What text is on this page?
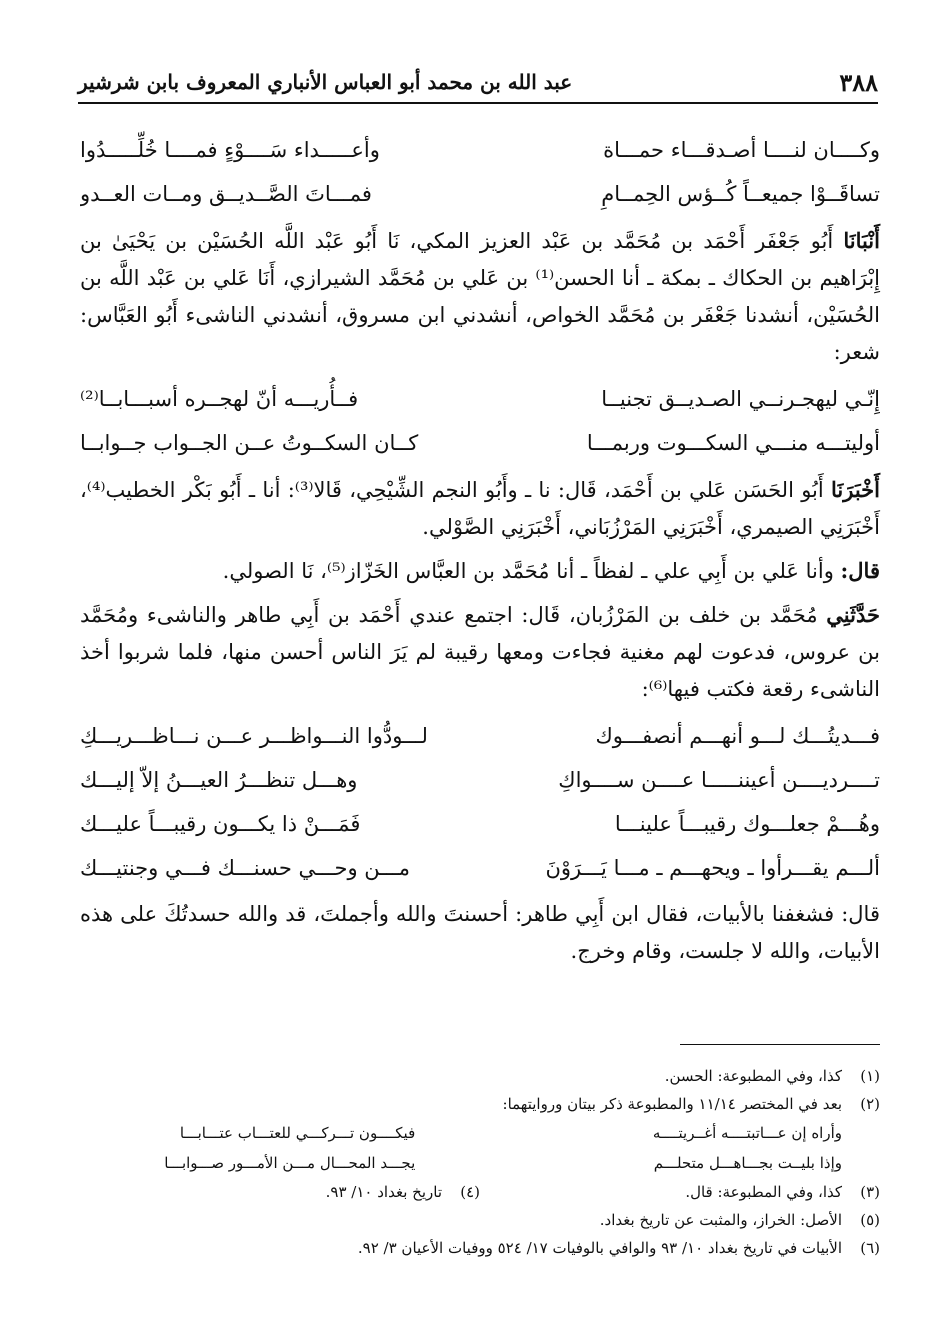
٣٨٨
عبد الله بن محمد أبو العباس الأنباري المعروف بابن شرشير
وكــــان لنــــا أصـدقـــاء حمـــاة
وأعـــــداء سَــــوْءٍ فمــــا خُلِّـــــدُوا
تساقَــوْا جميعــاً كُــؤس الحِمــامِ
فمـــاتَ الصَّــديــق ومــات العــدو

أَنْبَانَا أَبُو جَعْفَر أَحْمَد بن مُحَمَّد بن عَبْد العزيز المكي، نَا أَبُو عَبْد اللَّه الحُسَيْن بن يَحْيَىٰ بن إِبْرَاهيم بن الحكاك ـ بمكة ـ أنا الحسن⁽¹⁾ بن عَلي بن مُحَمَّد الشيرازي، أَنَا عَلي بن عَبْد اللَّه بن الحُسَيْن، أنشدنا جَعْفَر بن مُحَمَّد الخواص، أنشدني ابن مسروق، أنشدني الناشىء أَبُو العَبَّاس: شعر:

إِنّـي ليهجـرنــي الصـديــق تجنيــا
فــأُريـــه أنّ لهجــره أسبـــابــا⁽²⁾
أوليتـــه منـــي السكـــوت وربمـــا
كــان السكــوتُ عــن الجــواب جــوابــا

أَخْبَرَنَا أَبُو الحَسَن عَلي بن أَحْمَد، قَال: نا ـ وأَبُو النجم الشِّيْحِي، قَالا⁽³⁾: أنا ـ أَبُو بَكْر الخطيب⁽⁴⁾، أَخْبَرَنِي الصيمري، أَخْبَرَنِي المَرْزُبَاني، أَخْبَرَنِي الصَّوْلي.

قال: وأنا عَلي بن أَبِي علي ـ لفظاً ـ أنا مُحَمَّد بن العبَّاس الخَزّاز⁽⁵⁾، نَا الصولي.

حَدَّثَنِي مُحَمَّد بن خلف بن المَرْزُبان، قَال: اجتمع عندي أَحْمَد بن أَبِي طاهر والناشىء ومُحَمَّد بن عروس، فدعوت لهم مغنية فجاءت ومعها رقيبة لم يَرَ الناس أحسن منها، فلما شربوا أخذ الناشىء رقعة فكتب فيها⁽⁶⁾:

فـــديتُـــك لـــو أنهـــم أنصفـــوك
لـــودُّوا النـــواظـــر عـــن نـــاظـــريـــكِ
تــــرديــــن أعيننـــــا عــــن ســــواكِ
وهـــل تنظـــرُ العيـــنُ إلاّ إليـــك
وهُـــمْ جعلـــوك رقيبـــاً علينـــا
فَمَـــنْ ذا يكـــون رقيبـــاً عليـــك
ألـــم يقـــرأوا ـ ويحهـــم ـ مـــا يَـــرَوْنَ
مـــن وحـــي حسنـــك فـــي وجنتيـــك

قال: فشغفنا بالأبيات، فقال ابن أَبِي طاهر: أحسنتَ والله وأجملتَ، قد والله حسدتُكَ على هذه الأبيات، والله لا جلست، وقام وخرج.

(١)
كذا، وفي المطبوعة: الحسن.
(٢)
بعد في المختصر ١١/١٤ والمطبوعة ذكر بيتان وروايتهما:
وأراه إن عـــاتبتــــه أغــريتــــه
فيكــــون تـــركـــي للعتـــاب عتـــابـــا
وإذا بليــت بجـــاهـــل متحلـــم
يجـــد المحـــال مـــن الأمـــور صـــوابـــا
(٣)
كذا، وفي المطبوعة: قال.
(٤)
تاريخ بغداد ١٠/ ٩٣.
(٥)
الأصل: الخراز، والمثبت عن تاريخ بغداد.
(٦)
الأبيات في تاريخ بغداد ١٠/ ٩٣ والوافي بالوفيات ١٧/ ٥٢٤ ووفيات الأعيان ٣/ ٩٢.
